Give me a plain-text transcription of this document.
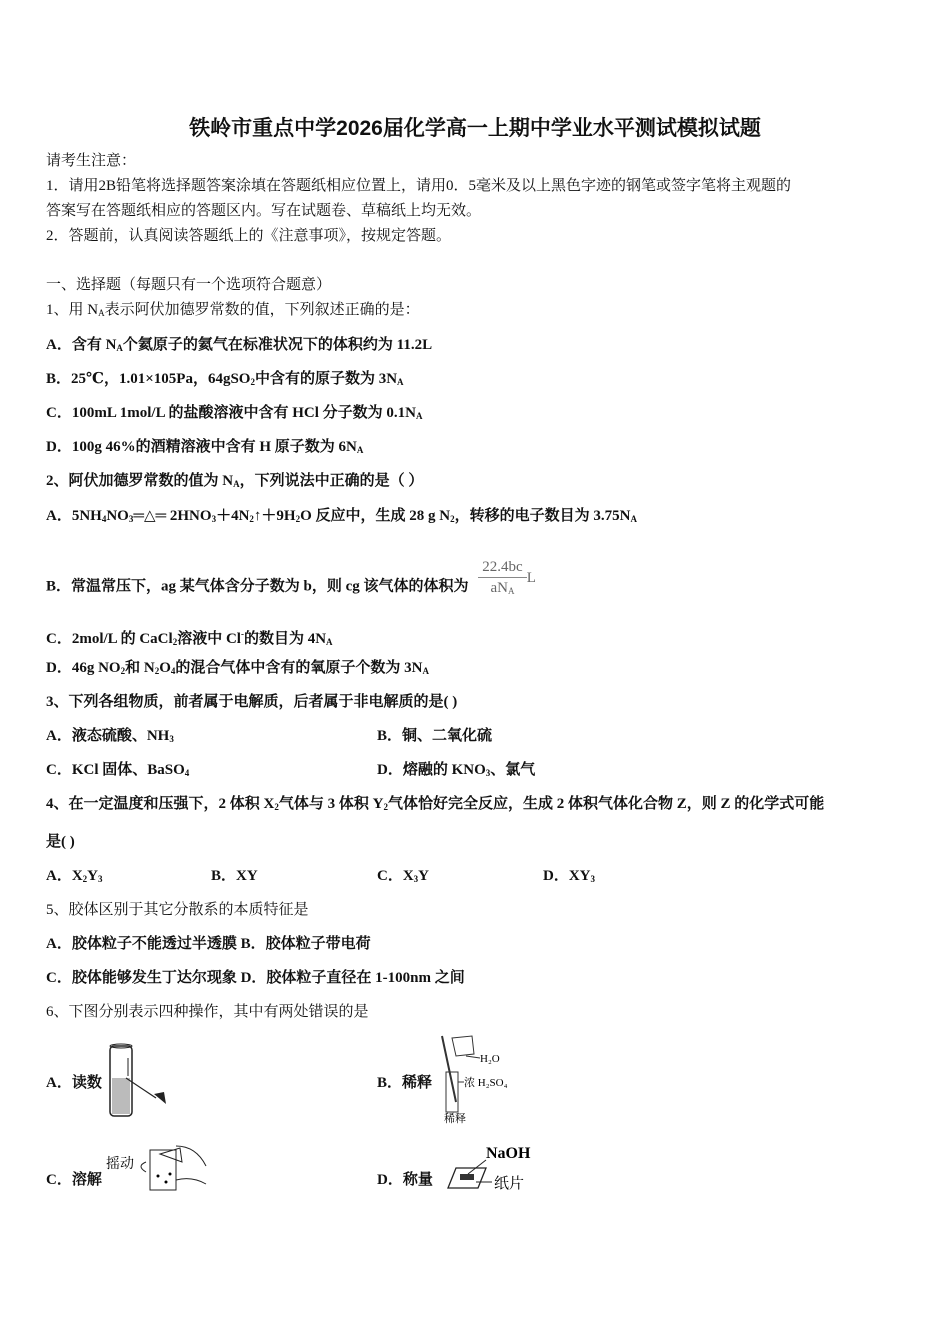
铁岭市重点中学2026届化学高一上期中学业水平测试模拟试题
请考生注意：
1．请用2B铅笔将选择题答案涂填在答题纸相应位置上，请用0．5毫米及以上黑色字迹的钢笔或签字笔将主观题的
答案写在答题纸相应的答题区内。写在试题卷、草稿纸上均无效。
2．答题前，认真阅读答题纸上的《注意事项》，按规定答题。
一、选择题（每题只有一个选项符合题意）
1、用 $N_A$表示阿伏加德罗常数的值，下列叙述正确的是：
A．含有 $N_A$个氦原子的氦气在标准状况下的体积约为 11.2L
B．25℃，1.01×105Pa，64gSO$_2$中含有的原子数为 $3N_A$
C．100mL 1mol/L 的盐酸溶液中含有 HCl 分子数为 $0.1N_A$
D．100g 46%的酒精溶液中含有 H 原子数为 $6N_A$
2、阿伏加德罗常数的值为 $N_A$，下列说法中正确的是（ ）
A．$5NH_4NO_3═\triangle═$ $2HNO_3+4N_2↑+9H_2O$ 反应中，生成 28 g $N_2$，转移的电子数目为 $3.75N_A$
B．常温常压下，ag 某气体含分子数为 b，则 cg 该气体的体积为 $\frac{22.4bc}{aN_A}$ L
C．2mol/L 的 CaCl$_2$溶液中 Cl-的数目为 $4N_A$
D．46g $NO_2$和 $N_2O_4$的混合气体中含有的氧原子个数为 $3N_A$
3、下列各组物质，前者属于电解质，后者属于非电解质的是( )
A．液态硫酸、$NH_3$	B．铜、二氧化硫
C．KCl 固体、BaSO$_4$	D．熔融的 $KNO_3$、氯气
4、在一定温度和压强下，2 体积 $X_2$气体与 3 体积 $Y_2$气体恰好完全反应，生成 2 体积气体化合物 Z，则 Z 的化学式可能
是( )
A．$X_2Y_3$	B．XY	C．$X_3Y$	D．$XY_3$
5、胶体区别于其它分散系的本质特征是
A．胶体粒子不能透过半透膜 B．胶体粒子带电荷
C．胶体能够发生丁达尔现象 D．胶体粒子直径在 1-100nm 之间
6、下图分别表示四种操作，其中有两处错误的是
A．读数	B．稀释
C．溶解	D．称量
H₂O
浓 H₂SO₄
稀释
摇动
NaOH
纸片
